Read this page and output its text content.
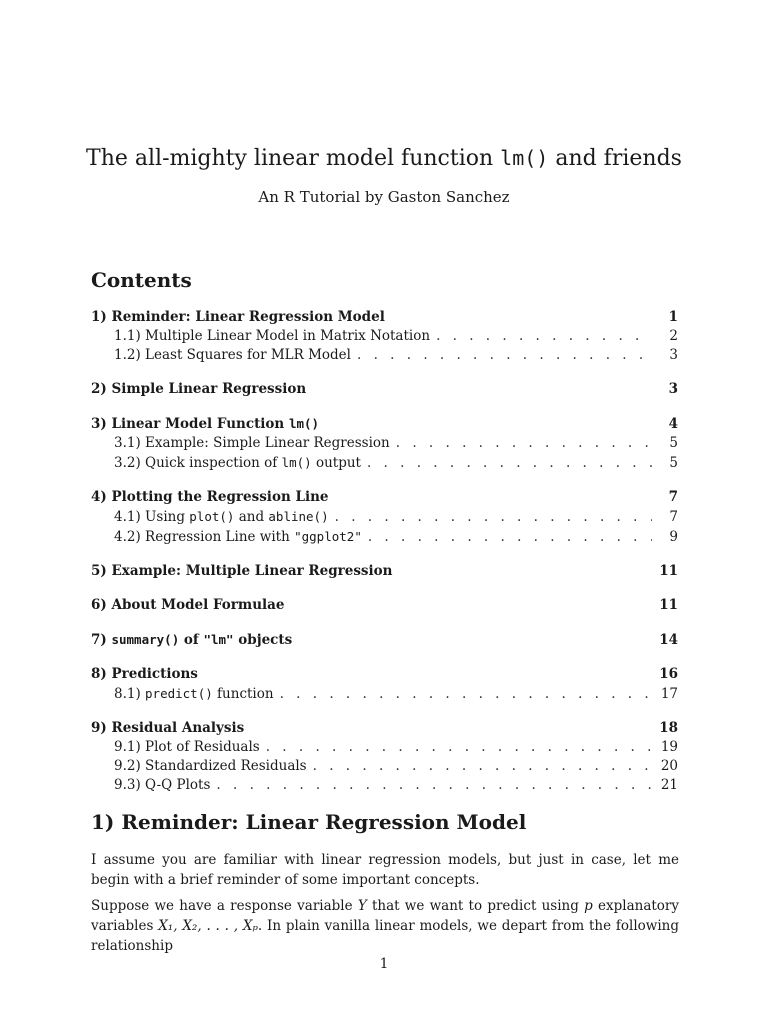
The all-mighty linear model function lm() and friends
An R Tutorial by Gaston Sanchez
Contents
1) Reminder: Linear Regression Model	1
1.1) Multiple Linear Model in Matrix Notation . . .	2
1.2) Least Squares for MLR Model . . .	3
2) Simple Linear Regression	3
3) Linear Model Function lm()	4
3.1) Example: Simple Linear Regression . . .	5
3.2) Quick inspection of lm() output . . .	5
4) Plotting the Regression Line	7
4.1) Using plot() and abline() . . .	7
4.2) Regression Line with "ggplot2" . . .	9
5) Example: Multiple Linear Regression	11
6) About Model Formulae	11
7) summary() of "lm" objects	14
8) Predictions	16
8.1) predict() function . . .	17
9) Residual Analysis	18
9.1) Plot of Residuals . . .	19
9.2) Standardized Residuals . . .	20
9.3) Q-Q Plots . . .	21
1) Reminder: Linear Regression Model

I assume you are familiar with linear regression models, but just in case, let me begin with a brief reminder of some important concepts.

Suppose we have a response variable Y that we want to predict using p explanatory variables X₁, X₂, . . . , Xₚ. In plain vanilla linear models, we depart from the following relationship

1
